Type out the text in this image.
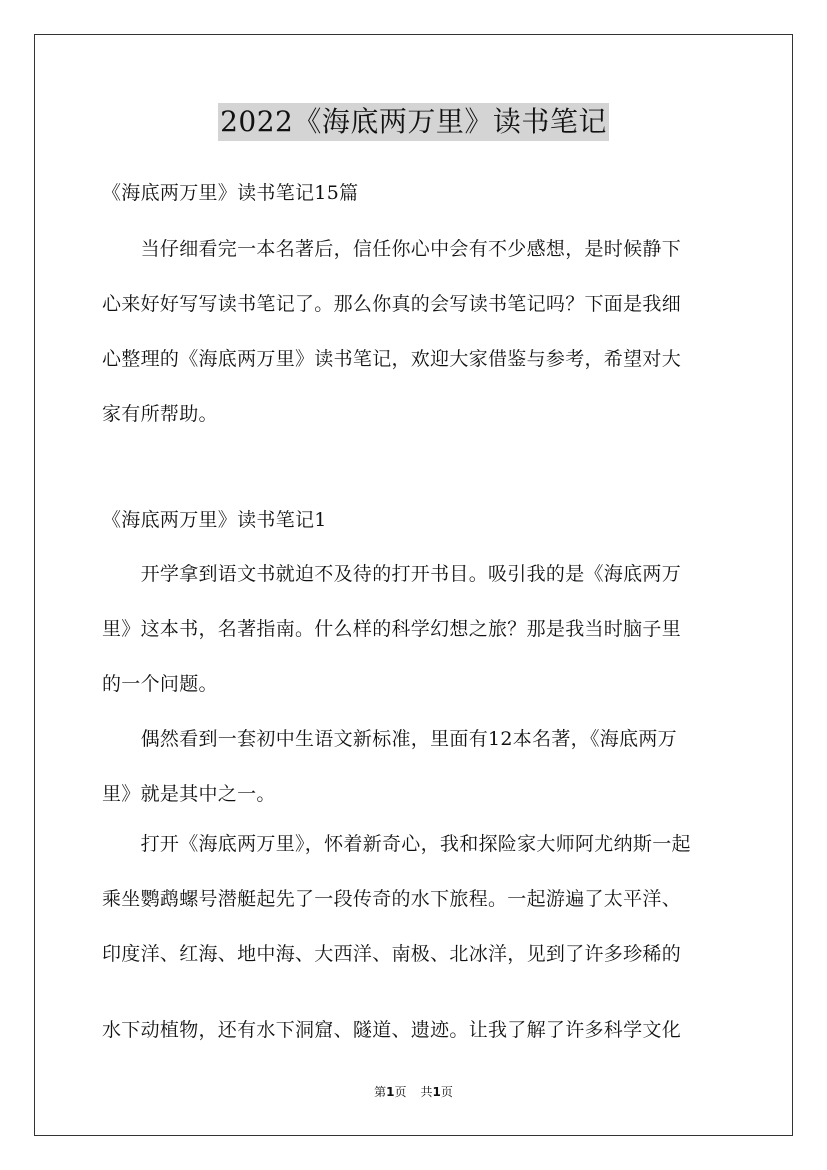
2022《海底两万里》读书笔记
《海底两万里》读书笔记15篇
　　当仔细看完一本名著后，信任你心中会有不少感想，是时候静下
心来好好写写读书笔记了。那么你真的会写读书笔记吗？下面是我细
心整理的《海底两万里》读书笔记，欢迎大家借鉴与参考，希望对大
家有所帮助。
《海底两万里》读书笔记1
　　开学拿到语文书就迫不及待的打开书目。吸引我的是《海底两万
里》这本书，名著指南。什么样的科学幻想之旅？那是我当时脑子里
的一个问题。
　　偶然看到一套初中生语文新标准，里面有12本名著，《海底两万
里》就是其中之一。
　　打开《海底两万里》，怀着新奇心，我和探险家大师阿尤纳斯一起
乘坐鹦鹉螺号潜艇起先了一段传奇的水下旅程。一起游遍了太平洋、
印度洋、红海、地中海、大西洋、南极、北冰洋，见到了许多珍稀的
水下动植物，还有水下洞窟、隧道、遗迹。让我了解了许多科学文化
第1页 共1页
